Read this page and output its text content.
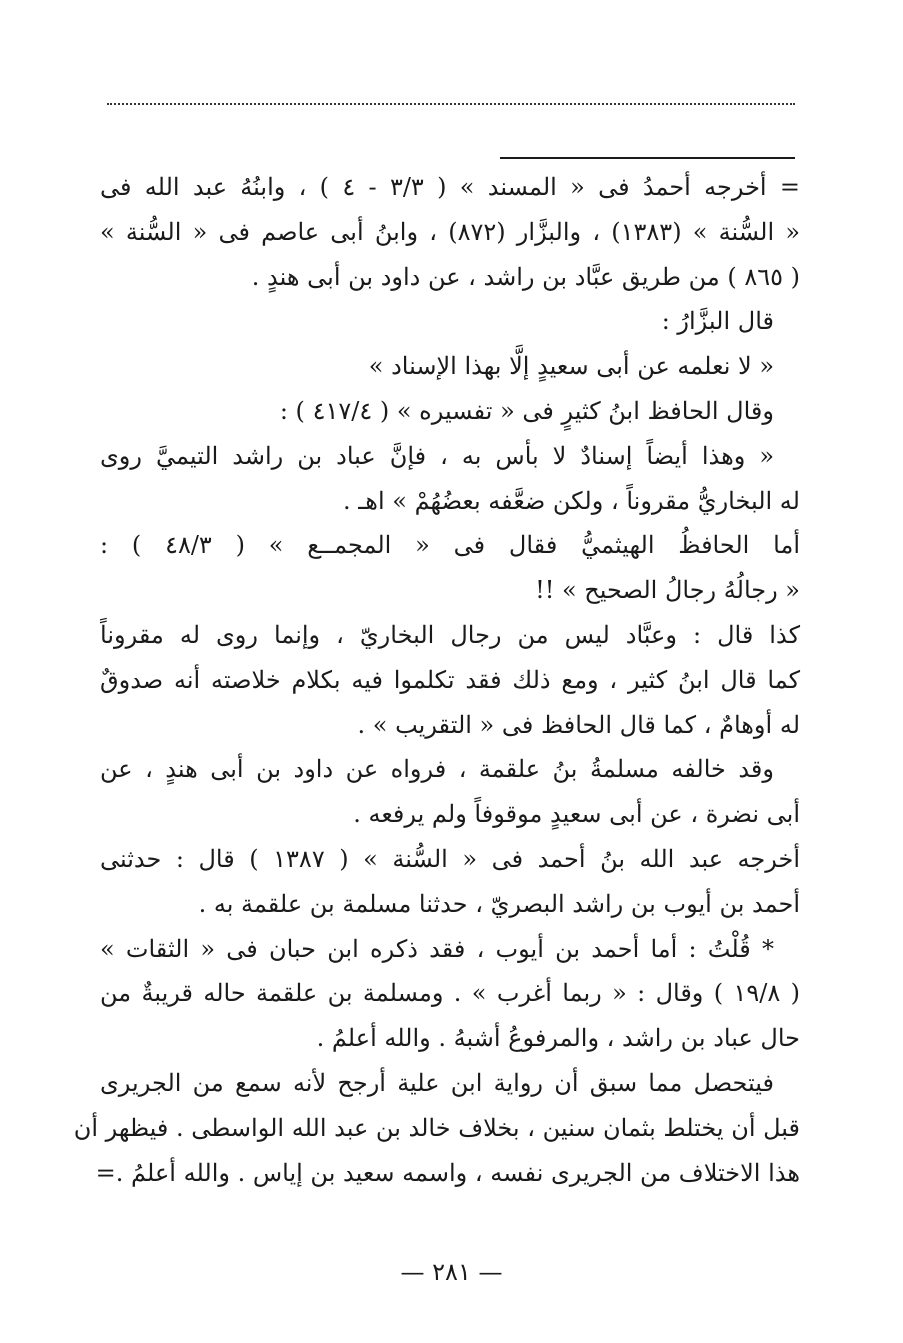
= أخرجه أحمدُ فى « المسند » ( ٣/٣ - ٤ ) ، وابنُهُ عبد الله فى
« السُّنة » (١٣٨٣) ، والبزَّار (٨٧٢) ، وابنُ أبى عاصم فى « السُّنة »
( ٨٦٥ ) من طريق عبَّاد بن راشد ، عن داود بن أبى هندٍ .
قال البزَّارُ :
« لا نعلمه عن أبى سعيدٍ إلَّا بهذا الإسناد »
وقال الحافظ ابنُ كثيرٍ فى « تفسيره » ( ٤١٧/٤ ) :
« وهذا أيضاً إسنادٌ لا بأس به ، فإنَّ عباد بن راشد التيميَّ روى
له البخاريُّ مقروناً ، ولكن ضعَّفه بعضُهُمْ » اهـ .
أما الحافظُ الهيثميُّ فقال فى « المجمــع » ( ٤٨/٣ ) :
« رجالُهُ رجالُ الصحيح » !!
كذا قال : وعبَّاد ليس من رجال البخاريّ ، وإنما روى له مقروناً
كما قال ابنُ كثير ، ومع ذلك فقد تكلموا فيه بكلام خلاصته أنه صدوقٌ
له أوهامٌ ، كما قال الحافظ فى « التقريب » .
وقد خالفه مسلمةُ بنُ علقمة ، فرواه عن داود بن أبى هندٍ ، عن
أبى نضرة ، عن أبى سعيدٍ موقوفاً ولم يرفعه .
أخرجه عبد الله بنُ أحمد فى « السُّنة » ( ١٣٨٧ ) قال : حدثنى
أحمد بن أيوب بن راشد البصريّ ، حدثنا مسلمة بن علقمة به .
* قُلْتُ : أما أحمد بن أيوب ، فقد ذكره ابن حبان فى « الثقات »
( ١٩/٨ ) وقال : « ربما أغرب » . ومسلمة بن علقمة حاله قريبةٌ من
حال عباد بن راشد ، والمرفوعُ أشبهُ . والله أعلمُ .
فيتحصل مما سبق أن رواية ابن علية أرجح لأنه سمع من الجريرى
قبل أن يختلط بثمان سنين ، بخلاف خالد بن عبد الله الواسطى . فيظهر أن
هذا الاختلاف من الجريرى نفسه ، واسمه سعيد بن إياس . والله أعلمُ .=
— ٢٨١ —
